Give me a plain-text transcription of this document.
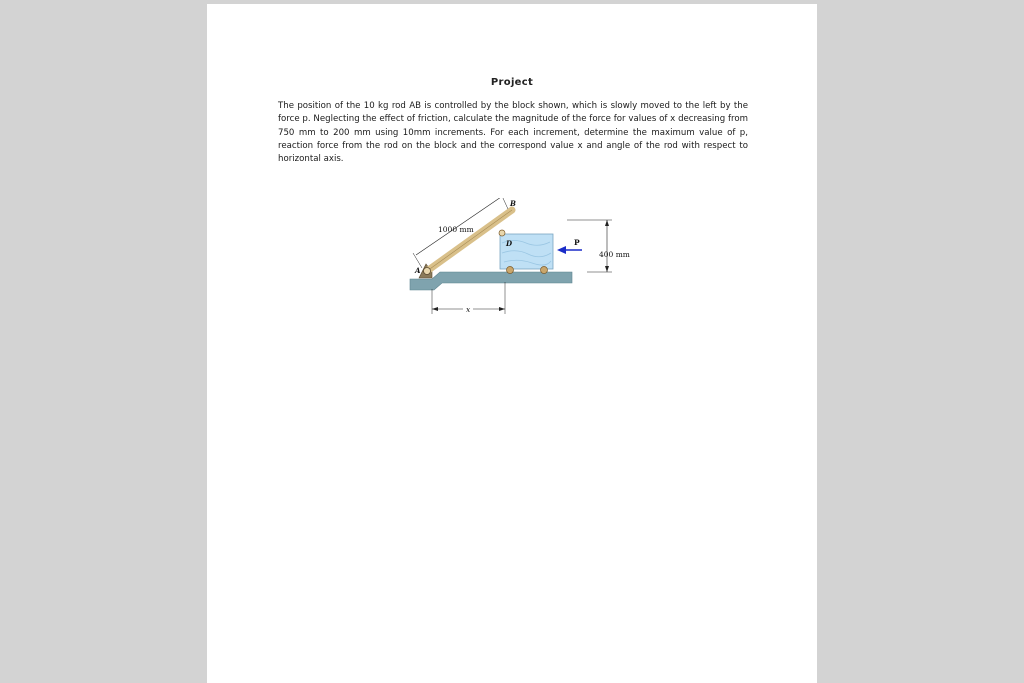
Project
The position of the 10 kg rod AB is controlled by the block shown, which is slowly moved to the left by the force p. Neglecting the effect of friction, calculate the magnitude of the force for values of x decreasing from 750 mm to 200 mm using 10mm increments. For each increment, determine the maximum value of p, reaction force from the rod on the block and the correspond value x and angle of the rod with respect to horizontal axis.
1000 mm
B
A
D	P
400 mm
x
